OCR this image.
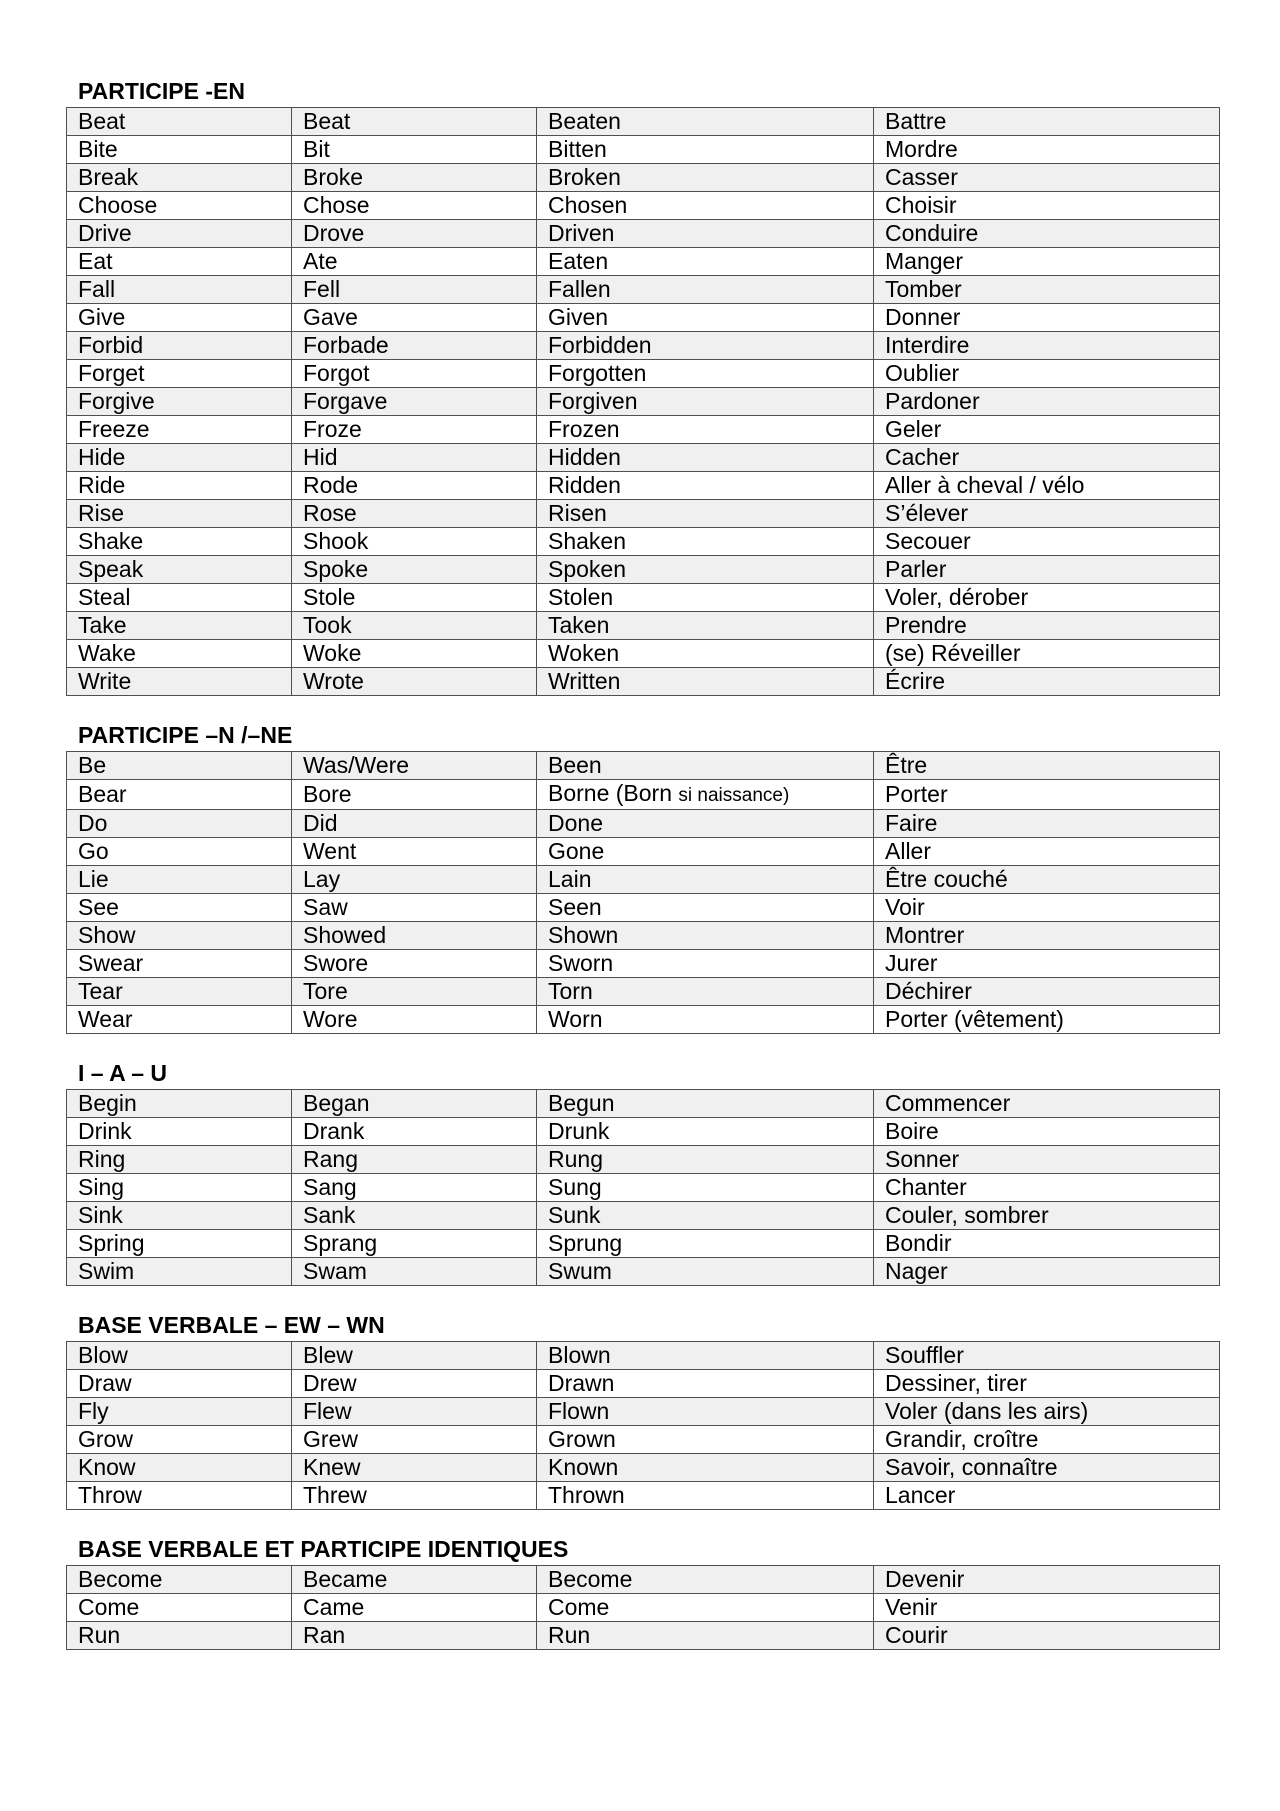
PARTICIPE -EN
Beat	Beat	Beaten	Battre
Bite	Bit	Bitten	Mordre
Break	Broke	Broken	Casser
Choose	Chose	Chosen	Choisir
Drive	Drove	Driven	Conduire
Eat	Ate	Eaten	Manger
Fall	Fell	Fallen	Tomber
Give	Gave	Given	Donner
Forbid	Forbade	Forbidden	Interdire
Forget	Forgot	Forgotten	Oublier
Forgive	Forgave	Forgiven	Pardoner
Freeze	Froze	Frozen	Geler
Hide	Hid	Hidden	Cacher
Ride	Rode	Ridden	Aller à cheval / vélo
Rise	Rose	Risen	S’élever
Shake	Shook	Shaken	Secouer
Speak	Spoke	Spoken	Parler
Steal	Stole	Stolen	Voler, dérober
Take	Took	Taken	Prendre
Wake	Woke	Woken	(se) Réveiller
Write	Wrote	Written	Écrire
PARTICIPE –N /–NE
Be	Was/Were	Been	Être
Bear	Bore	Borne (Born si naissance)	Porter
Do	Did	Done	Faire
Go	Went	Gone	Aller
Lie	Lay	Lain	Être couché
See	Saw	Seen	Voir
Show	Showed	Shown	Montrer
Swear	Swore	Sworn	Jurer
Tear	Tore	Torn	Déchirer
Wear	Wore	Worn	Porter (vêtement)
I – A – U
Begin	Began	Begun	Commencer
Drink	Drank	Drunk	Boire
Ring	Rang	Rung	Sonner
Sing	Sang	Sung	Chanter
Sink	Sank	Sunk	Couler, sombrer
Spring	Sprang	Sprung	Bondir
Swim	Swam	Swum	Nager
BASE VERBALE – EW – WN
Blow	Blew	Blown	Souffler
Draw	Drew	Drawn	Dessiner, tirer
Fly	Flew	Flown	Voler (dans les airs)
Grow	Grew	Grown	Grandir, croître
Know	Knew	Known	Savoir, connaître
Throw	Threw	Thrown	Lancer
BASE VERBALE ET PARTICIPE IDENTIQUES
Become	Became	Become	Devenir
Come	Came	Come	Venir
Run	Ran	Run	Courir
